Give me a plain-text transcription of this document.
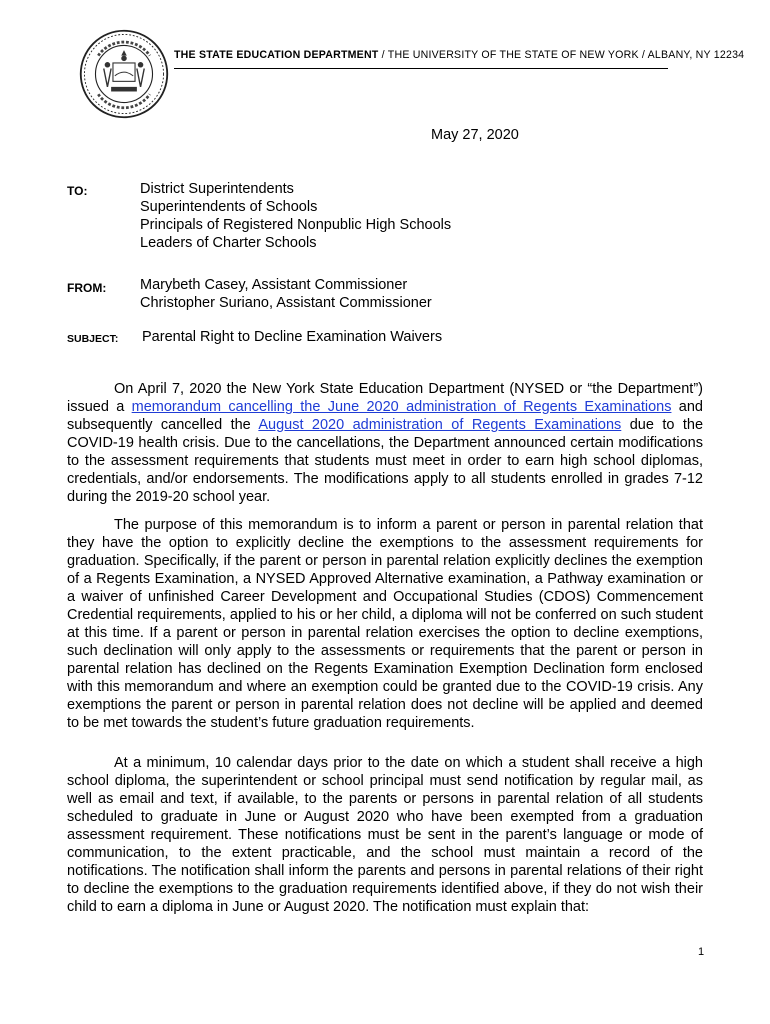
THE STATE EDUCATION DEPARTMENT / THE UNIVERSITY OF THE STATE OF NEW YORK / ALBANY, NY 12234
May 27, 2020
TO:	District Superintendents
Superintendents of Schools
Principals of Registered Nonpublic High Schools
Leaders of Charter Schools
FROM: Marybeth Casey, Assistant Commissioner
Christopher Suriano, Assistant Commissioner
SUBJECT: Parental Right to Decline Examination Waivers

On April 7, 2020 the New York State Education Department (NYSED or “the Department”) issued a memorandum cancelling the June 2020 administration of Regents Examinations and subsequently cancelled the August 2020 administration of Regents Examinations due to the COVID-19 health crisis. Due to the cancellations, the Department announced certain modifications to the assessment requirements that students must meet in order to earn high school diplomas, credentials, and/or endorsements. The modifications apply to all students enrolled in grades 7-12 during the 2019-20 school year.

The purpose of this memorandum is to inform a parent or person in parental relation that they have the option to explicitly decline the exemptions to the assessment requirements for graduation. Specifically, if the parent or person in parental relation explicitly declines the exemption of a Regents Examination, a NYSED Approved Alternative examination, a Pathway examination or a waiver of unfinished Career Development and Occupational Studies (CDOS) Commencement Credential requirements, applied to his or her child, a diploma will not be conferred on such student at this time. If a parent or person in parental relation exercises the option to decline exemptions, such declination will only apply to the assessments or requirements that the parent or person in parental relation has declined on the Regents Examination Exemption Declination form enclosed with this memorandum and where an exemption could be granted due to the COVID-19 crisis. Any exemptions the parent or person in parental relation does not decline will be applied and deemed to be met towards the student’s future graduation requirements.

At a minimum, 10 calendar days prior to the date on which a student shall receive a high school diploma, the superintendent or school principal must send notification by regular mail, as well as email and text, if available, to the parents or persons in parental relation of all students scheduled to graduate in June or August 2020 who have been exempted from a graduation assessment requirement. These notifications must be sent in the parent’s language or mode of communication, to the extent practicable, and the school must maintain a record of the notifications. The notification shall inform the parents and persons in parental relations of their right to decline the exemptions to the graduation requirements identified above, if they do not wish their child to earn a diploma in June or August 2020. The notification must explain that:

1
